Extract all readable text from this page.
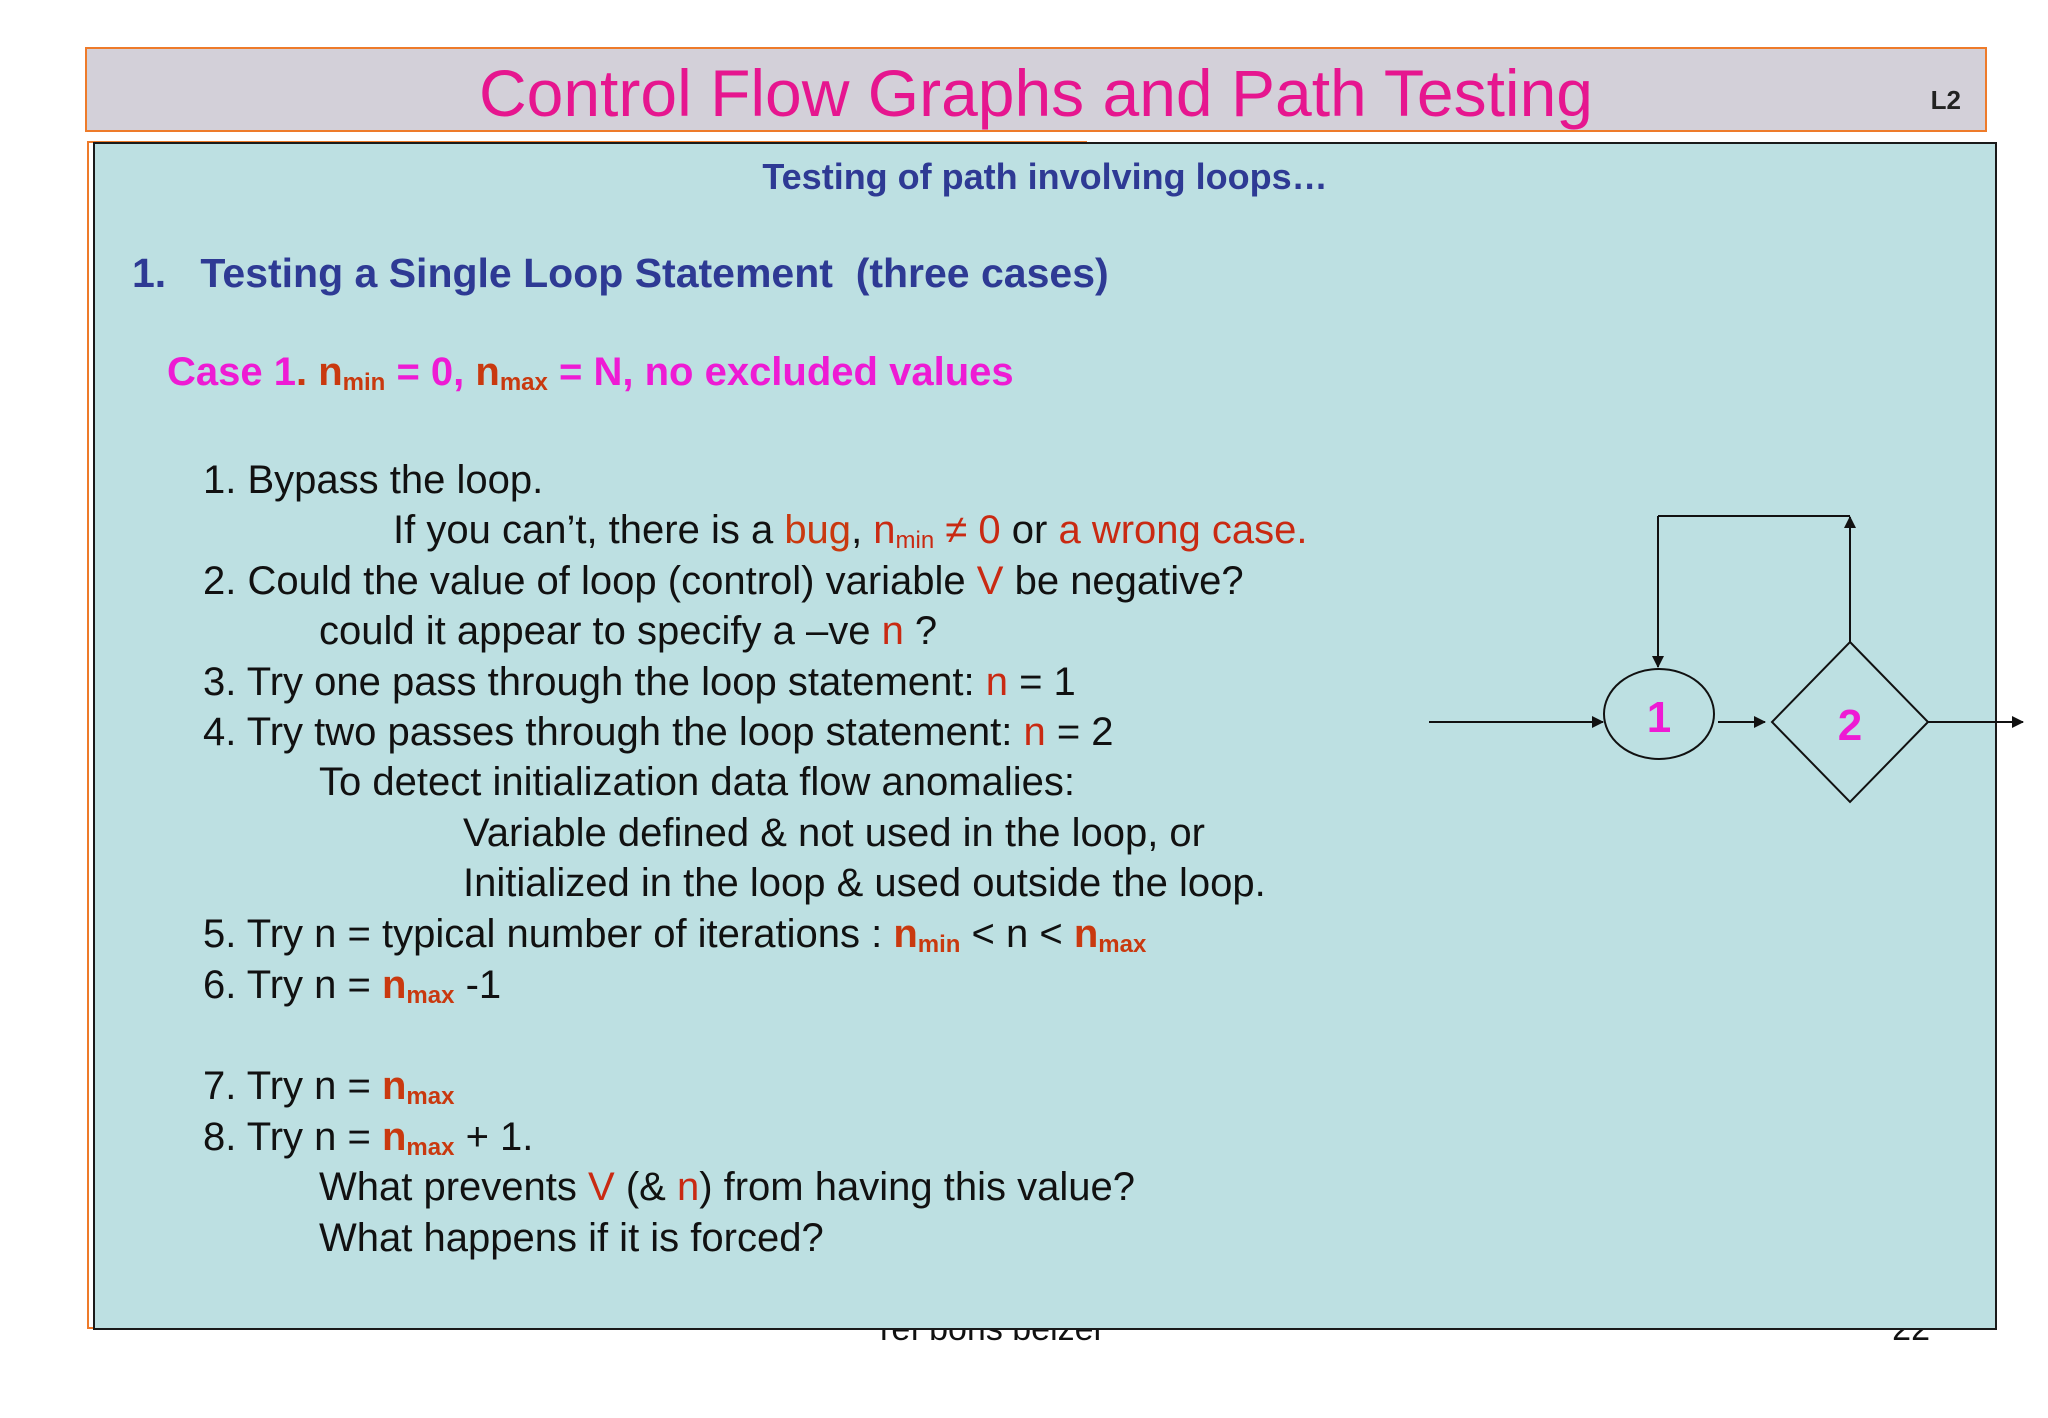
Control Flow Graphs and Path Testing	L2
Testing of path involving loops…
1. Testing a Single Loop Statement  (three cases)
Case 1. $n_{min} = 0$, $n_{max} = N$, no excluded values
1. Bypass the loop.
If you can’t, there is a bug, $n_{min} \ne 0$ or a wrong case.
2. Could the value of loop (control) variable V be negative?
could it appear to specify a –ve n ?
3. Try one pass through the loop statement: n = 1
4. Try two passes through the loop statement: n = 2
To detect initialization data flow anomalies:
Variable defined & not used in the loop, or
Initialized in the loop & used outside the loop.
5. Try n = typical number of iterations : $n_{min} < n < n_{max}$
6. Try $n = n_{max}$ -1
7. Try $n = n_{max}$
8. Try $n = n_{max} + 1$.
What prevents V (& n) from having this value?
What happens if it is forced?
1	2
